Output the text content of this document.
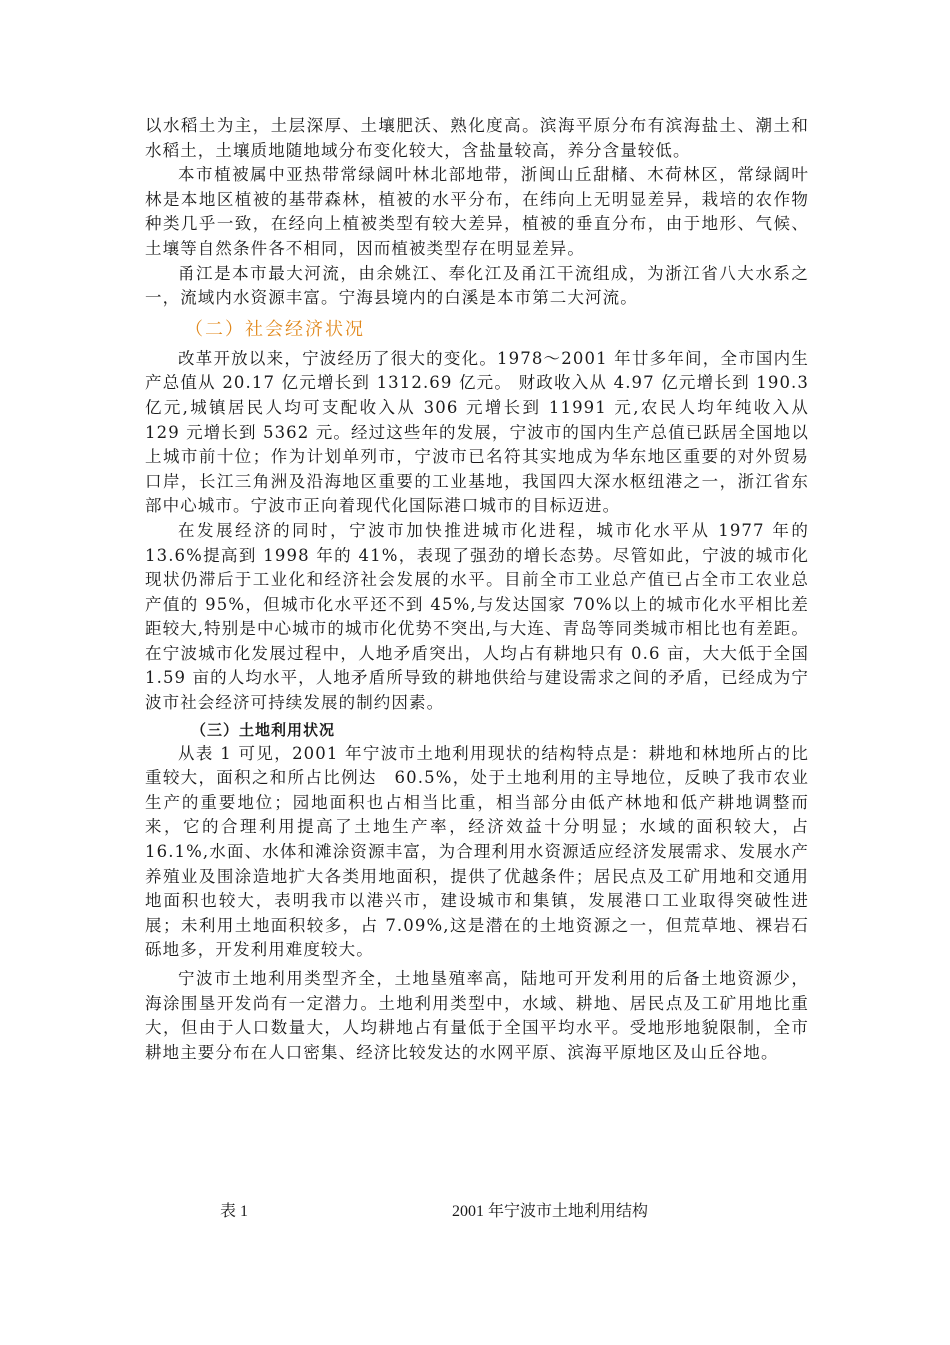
以水稻土为主，土层深厚、土壤肥沃、熟化度高。滨海平原分布有滨海盐土、潮土和水稻土，土壤质地随地域分布变化较大，含盐量较高，养分含量较低。

本市植被属中亚热带常绿阔叶林北部地带，浙闽山丘甜槠、木荷林区，常绿阔叶林是本地区植被的基带森林，植被的水平分布，在纬向上无明显差异，栽培的农作物种类几乎一致，在经向上植被类型有较大差异，植被的垂直分布，由于地形、气候、土壤等自然条件各不相同，因而植被类型存在明显差异。

甬江是本市最大河流，由余姚江、奉化江及甬江干流组成，为浙江省八大水系之一，流域内水资源丰富。宁海县境内的白溪是本市第二大河流。

（二）社会经济状况

改革开放以来，宁波经历了很大的变化。1978～2001 年廿多年间，全市国内生产总值从 20.17 亿元增长到 1312.69 亿元。 财政收入从 4.97 亿元增长到 190.3 亿元,城镇居民人均可支配收入从 306 元增长到 11991 元,农民人均年纯收入从 129 元增长到 5362 元。经过这些年的发展，宁波市的国内生产总值已跃居全国地以上城市前十位；作为计划单列市，宁波市已名符其实地成为华东地区重要的对外贸易口岸，长江三角洲及沿海地区重要的工业基地，我国四大深水枢纽港之一，浙江省东部中心城市。宁波市正向着现代化国际港口城市的目标迈进。

在发展经济的同时，宁波市加快推进城市化进程，城市化水平从 1977 年的 13.6%提高到 1998 年的 41%，表现了强劲的增长态势。尽管如此，宁波的城市化现状仍滞后于工业化和经济社会发展的水平。目前全市工业总产值已占全市工农业总产值的 95%，但城市化水平还不到 45%,与发达国家 70%以上的城市化水平相比差距较大,特别是中心城市的城市化优势不突出,与大连、青岛等同类城市相比也有差距。在宁波城市化发展过程中，人地矛盾突出，人均占有耕地只有 0.6 亩，大大低于全国　1.59 亩的人均水平，人地矛盾所导致的耕地供给与建设需求之间的矛盾，已经成为宁波市社会经济可持续发展的制约因素。

（三）土地利用状况

从表 1 可见，2001 年宁波市土地利用现状的结构特点是：耕地和林地所占的比重较大，面积之和所占比例达　60.5%，处于土地利用的主导地位，反映了我市农业生产的重要地位；园地面积也占相当比重，相当部分由低产林地和低产耕地调整而来，它的合理利用提高了土地生产率，经济效益十分明显；水域的面积较大，占 16.1%,水面、水体和滩涂资源丰富，为合理利用水资源适应经济发展需求、发展水产养殖业及围涂造地扩大各类用地面积，提供了优越条件；居民点及工矿用地和交通用地面积也较大，表明我市以港兴市，建设城市和集镇，发展港口工业取得突破性进展；未利用土地面积较多，占 7.09%,这是潜在的土地资源之一，但荒草地、裸岩石砾地多，开发利用难度较大。

宁波市土地利用类型齐全，土地垦殖率高，陆地可开发利用的后备土地资源少，海涂围垦开发尚有一定潜力。土地利用类型中，水域、耕地、居民点及工矿用地比重大，但由于人口数量大，人均耕地占有量低于全国平均水平。受地形地貌限制，全市耕地主要分布在人口密集、经济比较发达的水网平原、滨海平原地区及山丘谷地。

表 1	2001 年宁波市土地利用结构
